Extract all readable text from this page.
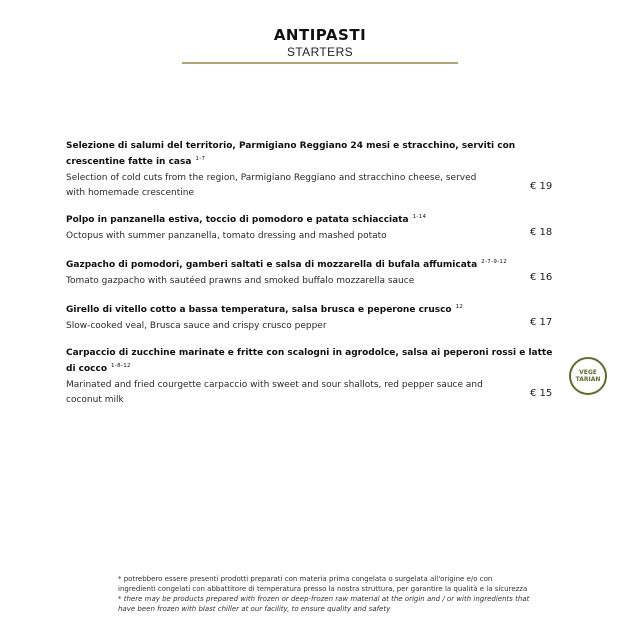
ANTIPASTI
STARTERS
Selezione di salumi del territorio, Parmigiano Reggiano 24 mesi e stracchino, serviti con crescentine fatte in casa $^{1-7}$
Selection of cold cuts from the region, Parmigiano Reggiano and stracchino cheese, served with homemade crescentine
€ 19
Polpo in panzanella estiva, toccio di pomodoro e patata schiacciata $^{1-14}$
Octopus with summer panzanella, tomato dressing and mashed potato	€ 18
Gazpacho di pomodori, gamberi saltati e salsa di mozzarella di bufala affumicata $^{2-7-9-12}$
Tomato gazpacho with sautéed prawns and smoked buffalo mozzarella sauce	€ 16
Girello di vitello cotto a bassa temperatura, salsa brusca e peperone crusco $^{12}$
Slow-cooked veal, Brusca sauce and crispy crusco pepper	€ 17
Carpaccio di zucchine marinate e fritte con scalogni in agrodolce, salsa ai peperoni rossi e latte di cocco $^{1-8-12}$
Marinated and fried courgette carpaccio with sweet and sour shallots, red pepper sauce and coconut milk
€ 15
VEGE
TARIAN
* potrebbero essere presenti prodotti preparati con materia prima congelata o surgelata all'origine e/o con ingredienti congelati con abbattitore di temperatura presso la nostra struttura, per garantire la qualità e la sicurezza
* there may be products prepared with frozen or deep-frozen raw material at the origin and / or with ingredients that have been frozen with blast chiller at our facility, to ensure quality and safety
